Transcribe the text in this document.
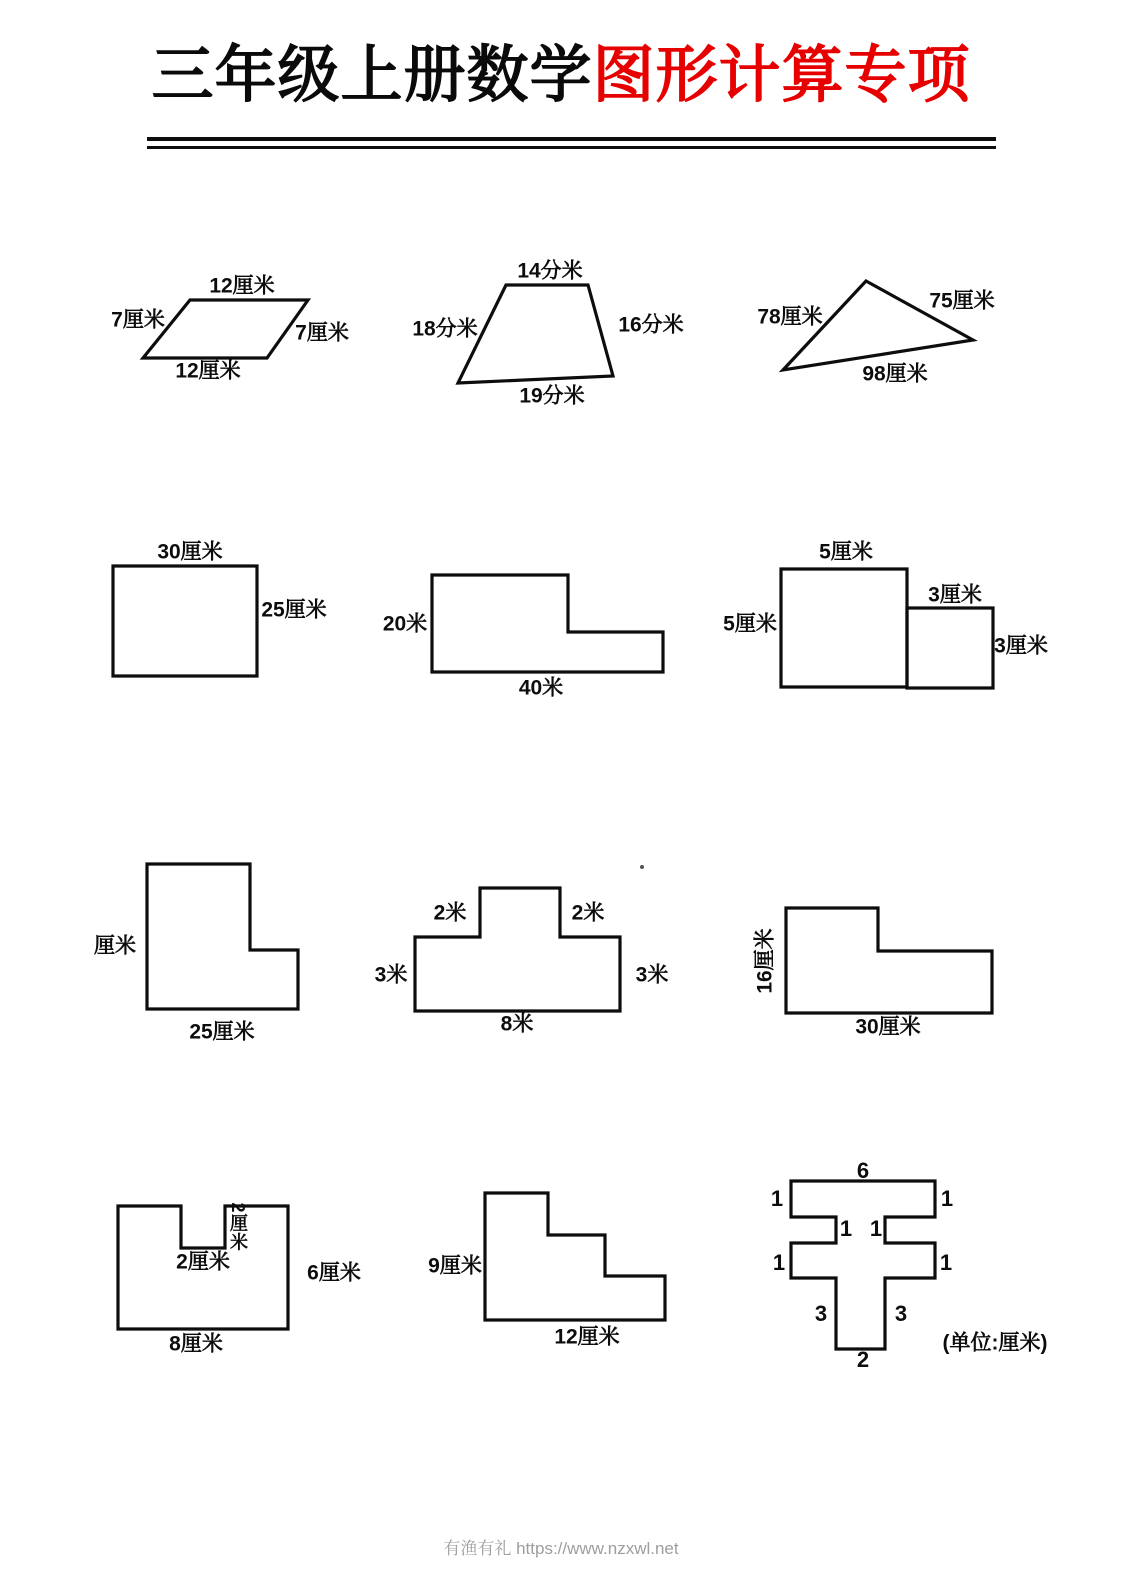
三年级上册数学图形计算专项
12厘米
7厘米
7厘米
12厘米
14分米
18分米	16分米
19分米
78厘米
75厘米
98厘米
30厘米
25厘米
20米
40米
5厘米
5厘米
3厘米
3厘米
厘米
25厘米
2米	2米
3米	3米
8米
16厘米
30厘米
2厘米
2厘米	6厘米
8厘米
9厘米
12厘米
6
1	1
1 1
1	1
3	3
2
(单位:厘米)
有渔有礼 https://www.nzxwl.net
